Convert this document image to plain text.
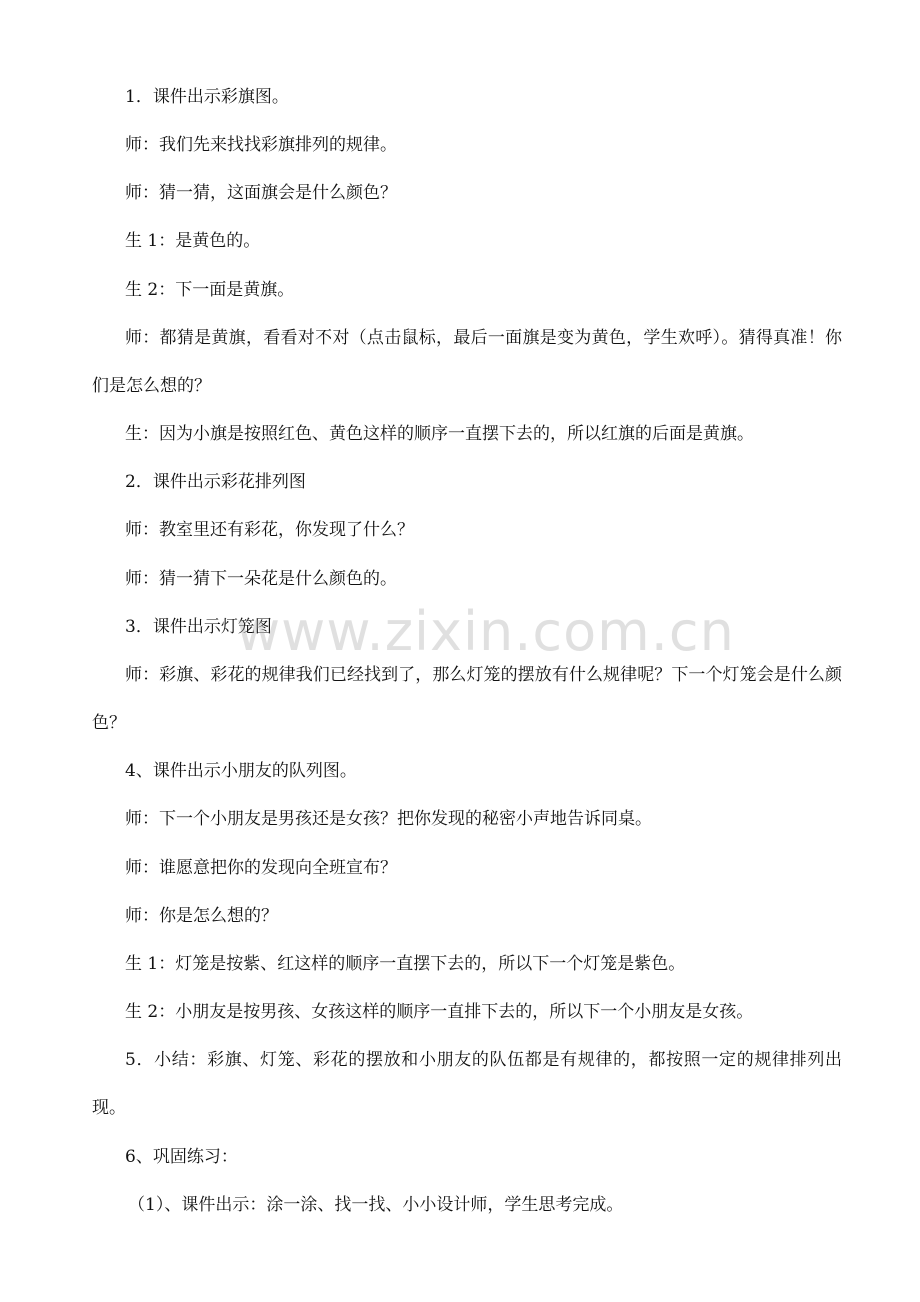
1．课件出示彩旗图。

师：我们先来找找彩旗排列的规律。

师：猜一猜，这面旗会是什么颜色？

生 1：是黄色的。

生 2：下一面是黄旗。

师：都猜是黄旗，看看对不对（点击鼠标，最后一面旗是变为黄色，学生欢呼）。猜得真准！你们是怎么想的？

生：因为小旗是按照红色、黄色这样的顺序一直摆下去的，所以红旗的后面是黄旗。

2．课件出示彩花排列图

师：教室里还有彩花，你发现了什么？

师：猜一猜下一朵花是什么颜色的。

3．课件出示灯笼图

师：彩旗、彩花的规律我们已经找到了，那么灯笼的摆放有什么规律呢？下一个灯笼会是什么颜色？

4、课件出示小朋友的队列图。

师：下一个小朋友是男孩还是女孩？把你发现的秘密小声地告诉同桌。

师：谁愿意把你的发现向全班宣布？

师：你是怎么想的？

生 1：灯笼是按紫、红这样的顺序一直摆下去的，所以下一个灯笼是紫色。

生 2：小朋友是按男孩、女孩这样的顺序一直排下去的，所以下一个小朋友是女孩。

5．小结：彩旗、灯笼、彩花的摆放和小朋友的队伍都是有规律的，都按照一定的规律排列出现。

6、巩固练习：

（1）、课件出示：涂一涂、找一找、小小设计师，学生思考完成。

www.zixin.com.cn
